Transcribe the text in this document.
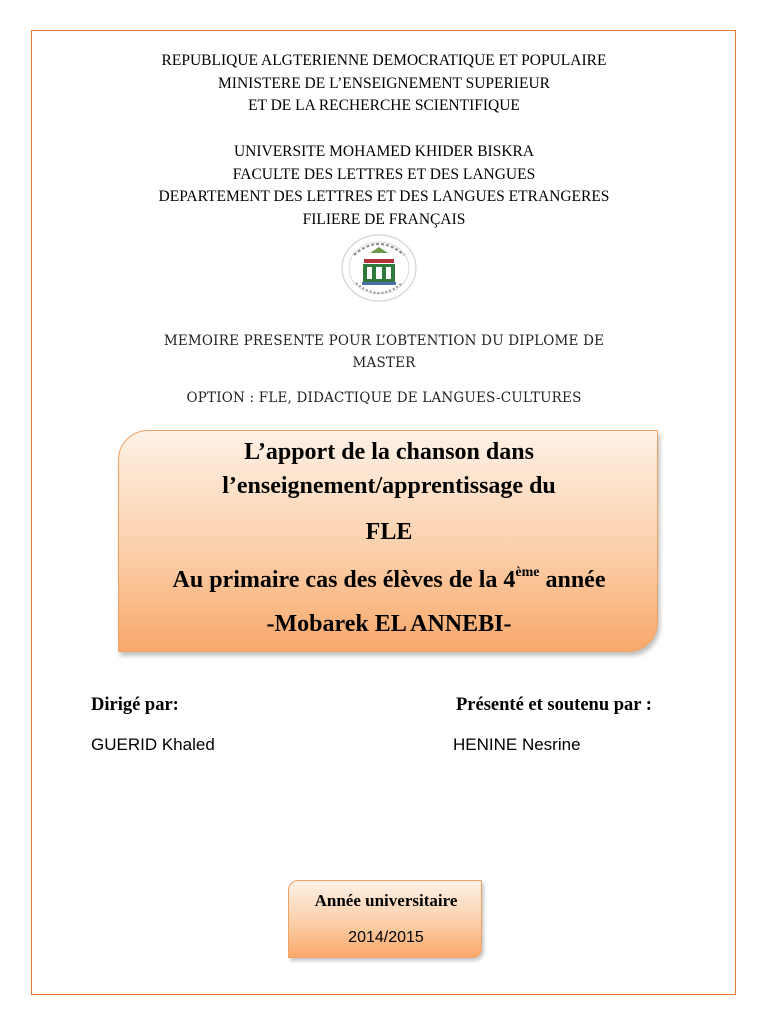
REPUBLIQUE ALGTERIENNE DEMOCRATIQUE ET POPULAIRE
MINISTERE DE L’ENSEIGNEMENT SUPERIEUR
ET DE LA RECHERCHE SCIENTIFIQUE
UNIVERSITE MOHAMED KHIDER BISKRA
FACULTE DES LETTRES ET DES LANGUES
DEPARTEMENT DES LETTRES ET DES LANGUES ETRANGERES
FILIERE DE FRANÇAIS
MEMOIRE PRESENTE POUR L’OBTENTION DU DIPLOME DE
MASTER
OPTION : FLE, DIDACTIQUE DE LANGUES-CULTURES
L’apport de la chanson dans
l’enseignement/apprentissage du
FLE
Au primaire cas des élèves de la 4ème année
-Mobarek EL ANNEBI-
Dirigé par:	Présenté et soutenu par :
GUERID Khaled	HENINE Nesrine
Année universitaire
2014/2015
